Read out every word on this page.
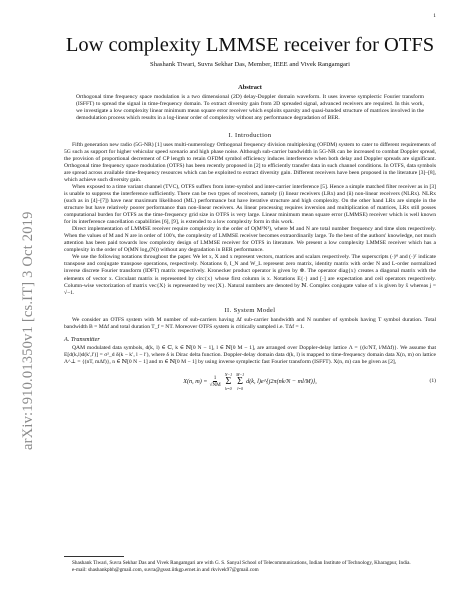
1
arXiv:1910.01350v1 [cs.IT] 3 Oct 2019
Low complexity LMMSE receiver for OTFS
Shashank Tiwari, Suvra Sekhar Das, Member, IEEE and Vivek Rangamgari
Abstract
Orthogonal time frequency space modulation is a two dimensional (2D) delay-Doppler domain waveform. It uses inverse symplectic Fourier transform (ISFFT) to spread the signal in time-frequency domain. To extract diversity gain from 2D spreaded signal, advanced receivers are required. In this work, we investigate a low complexity linear minimum mean square error receiver which exploits sparsity and quasi-banded structure of matrices involved in the demodulation process which results in a log-linear order of complexity without any performance degradation of BER.
I. Introduction

Fifth generation new radio (5G-NR) [1] uses multi-numerology Orthogonal frequency division multiplexing (OFDM) system to cater to different requirements of 5G such as support for higher vehicular speed scenario and high phase noise. Although sub-carrier bandwidth in 5G-NR can be increased to combat Doppler spread, the provision of proportional decrement of CP length to retain OFDM symbol efficiency induces interference when both delay and Doppler spreads are significant. Orthogonal time frequency space modulation (OTFS) has been recently proposed in [2] to efficiently transfer data in such channel conditions. In OTFS, data symbols are spread across available time-frequency resources which can be exploited to extract diversity gain. Different receivers have been proposed in the literature [3]–[8], which achieve such diversity gain.

When exposed to a time variant channel (TVC), OTFS suffers from inter-symbol and inter-carrier interference [5]. Hence a simple matched filter receiver as in [3] is unable to suppress the interference sufficiently. There can be two types of receivers, namely (i) linear receivers (LRx) and (ii) non-linear receivers (NLRx). NLRx (such as in [4]–[7]) have near maximum likelihood (ML) performance but have iterative structure and high complexity. On the other hand LRx are simple in the structure but have relatively poorer performance than non-linear receivers. As linear processing requires inversion and multiplication of matrices, LRx still posses computational burden for OTFS as the time-frequency grid size in OTFS is very large. Linear minimum mean square error (LMMSE) receiver which is well known for its interference cancellation capabilities [6], [9], is extended to a low complexity form in this work.

Direct implementation of LMMSE receiver require complexity in the order of O(M³N³), where M and N are total number frequency and time slots respectively. When the values of M and N are in order of 100's, the complexity of LMMSE receiver becomes extraordinarily large. To the best of the authors' knowledge, not much attention has been paid towards low complexity design of LMMSE receiver for OTFS in literature. We present a low complexity LMMSE receiver which has a complexity in the order of O(MN log₂(N)) without any degradation in BER performance.

We use the following notations throughout the paper. We let x, X and x represent vectors, matrices and scalars respectively. The superscripts (·)ᴴ and (·)ᵀ indicate transpose and conjugate transpose operations, respectively. Notations 0, I_N and W_L represent zero matrix, identity matrix with order N and L-order normalized inverse discrete Fourier transform (IDFT) matrix respectively. Kronecker product operator is given by ⊗. The operator diag{x} creates a diagonal matrix with the elements of vector x. Circulant matrix is represented by circ{x} whose first column is x. Notations E{·} and [·] are expectation and ceil operators respectively. Column-wise vectorization of matrix vec{X} is represented by vec{X}. Natural numbers are denoted by ℕ. Complex conjugate value of x is given by x̄ whereas j = √−1.

II. System Model

We consider an OTFS system with M number of sub-carriers having Δf sub-carrier bandwidth and N number of symbols having T symbol duration. Total bandwidth B = MΔf and total duration T_f = NT. Moreover OTFS system is critically sampled i.e. TΔf = 1.

A. Transmitter

QAM modulated data symbols, d(k, l) ∈ ℂ, k ∈ ℕ[0 N − 1], l ∈ ℕ[0 M − 1], are arranged over Doppler-delay lattice Λ = {(k/NT, l/MΔf)}. We assume that E[d(k,l)d(k′,l′)] = σ²_d δ(k − k′, l − l′), where δ is Dirac delta function. Doppler-delay domain data d(k, l) is mapped to time-frequency domain data X(n, m) on lattice Λ^⊥ = {(nT, mΔf)}, n ∈ ℕ[0 N − 1] and m ∈ ℕ[0 M − 1] by using inverse symplectic fast Fourier transform (ISFFT). X(n, m) can be given as [2],

X(n, $m) = \frac{1}{√NM}$
N−1
Σ
k=0
M−1
Σ
l=0
d(k, l)e^{j2π(nk/N − ml/M)},	(1)
Shashank Tiwari, Suvra Sekhar Das and Vivek Rangamgari are with G. S. Sanyal School of Telecommunications, Indian Institute of Technology, Kharagpur, India.
e-mail: shashankpbh@gmail.com, suvra@gssst.iitkgp.ernet.in and rkvivek97@gmail.com
